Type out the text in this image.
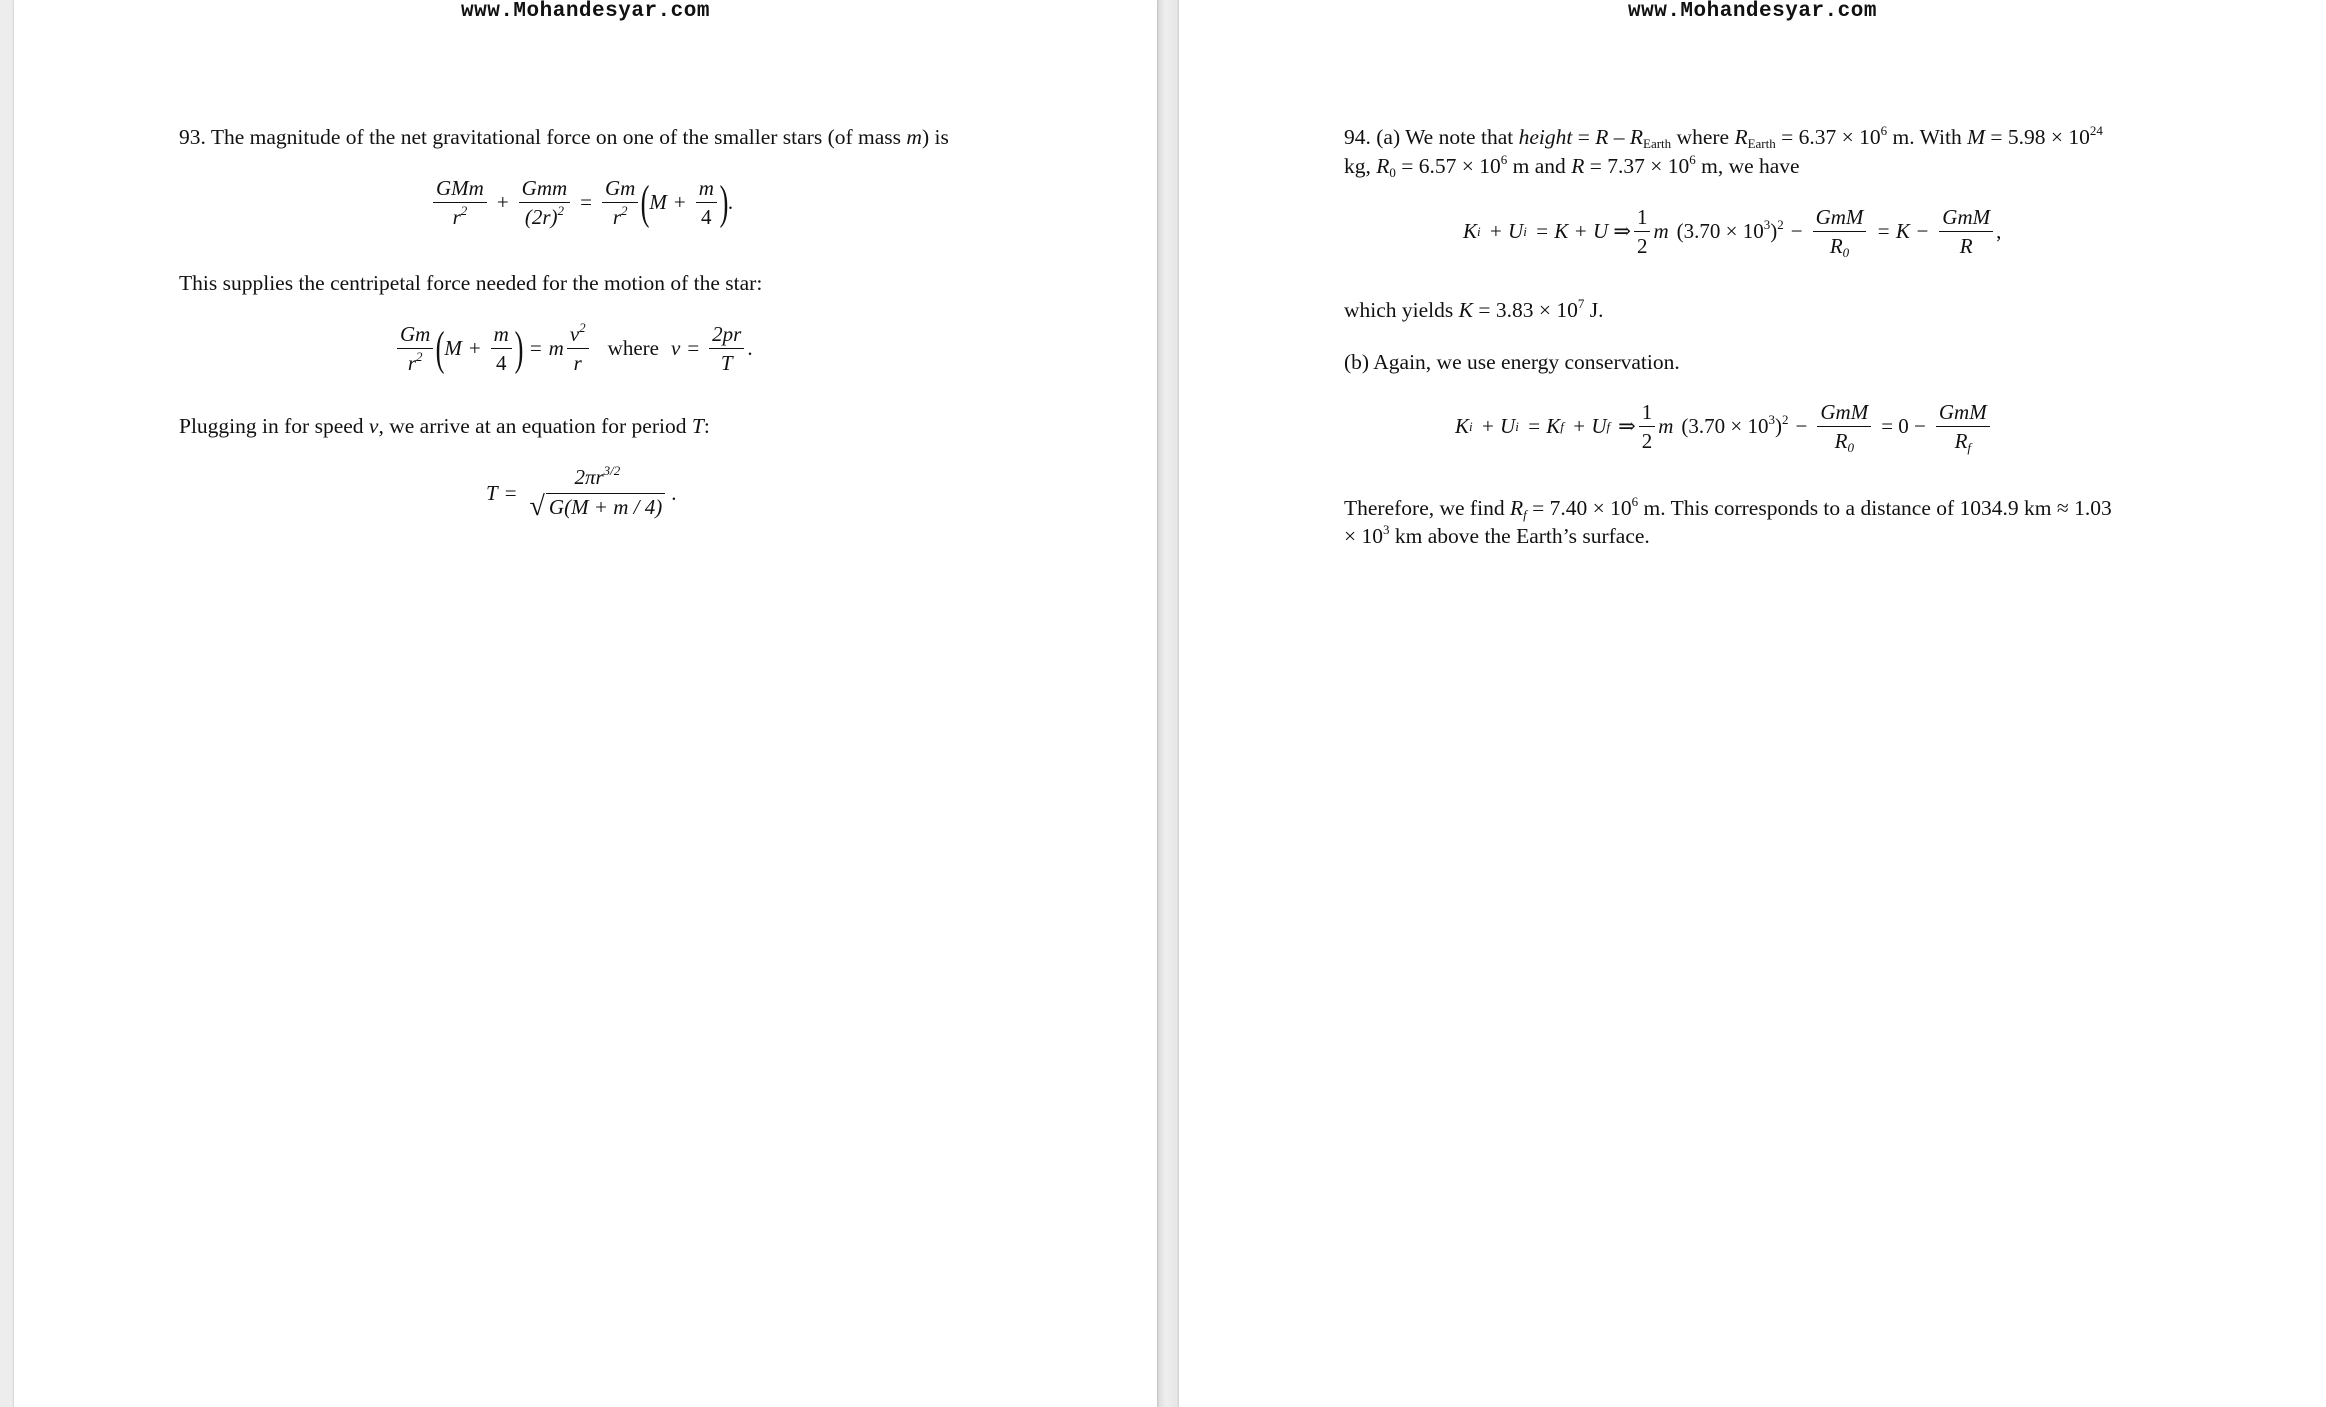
www.Mohandesyar.com
93. The magnitude of the net gravitational force on one of the smaller stars (of mass m) is
$\frac{\text{GMm}}{r^2} + \frac{\text{Gmm}}{(2r)^2} = \frac{Gm}{r^2}$ ( $M + \frac{m}{4}$ ) .
This supplies the centripetal force needed for the motion of the star:
$\frac{Gm}{r^2}$ ( $M + \frac{m}{4}$ ) = m $\frac{v^2}{r}$ where $v = \frac{2pr}{T}$ .
Plugging in for speed v, we arrive at an equation for period T:
T =
$2\pi r^{3/2}$
√ G(M + m / 4)
.
www.Mohandesyar.com
94. (a) We note that height = R – $R_{Earth}$ where $R_{Earth} = 6.37 \times 10^6$ m. With $M = 5.98 \times 10^{24}$
kg, $R_0 = 6.57 \times 10^6$ m and $R = 7.37 \times 10^6$ m, we have
K i + U i = K + U ⇒ $\frac{1}{2}$ m $(3.70 \times 10^3)^2 - \frac{\text{GmM}}{R_0} = K - \frac{\text{GmM}}{R}$ ,
which yields $K = 3.83 \times 10^7$ J.
(b) Again, we use energy conservation.
K i + U i = K f + U f ⇒ $\frac{1}{2}$ m $(3.70 \times 10^3)^2 - \frac{\text{GmM}}{R_0} = 0 - \frac{\text{GmM}}{R_f}$
Therefore, we find $R_f = 7.40 \times 10^6$ m. This corresponds to a distance of 1034.9 km ≈ 1.03
× $10^3$ km above the Earth’s surface.
